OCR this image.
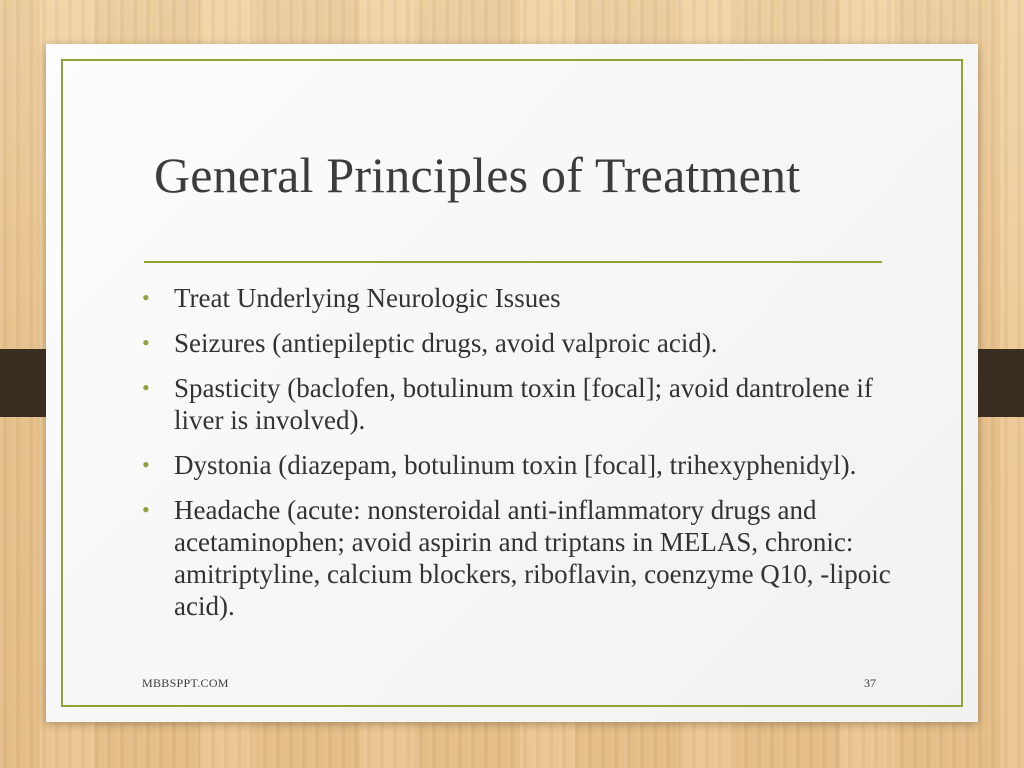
General Principles of Treatment
• Treat Underlying Neurologic Issues
• Seizures (antiepileptic drugs, avoid valproic acid).
• Spasticity (baclofen, botulinum toxin [focal]; avoid dantrolene if liver is involved).
• Dystonia (diazepam, botulinum toxin [focal], trihexyphenidyl).
• Headache (acute: nonsteroidal anti-inflammatory drugs and acetaminophen; avoid aspirin and triptans in MELAS, chronic: amitriptyline, calcium blockers, riboflavin, coenzyme Q10, -lipoic acid).
MBBSPPT.COM	37
